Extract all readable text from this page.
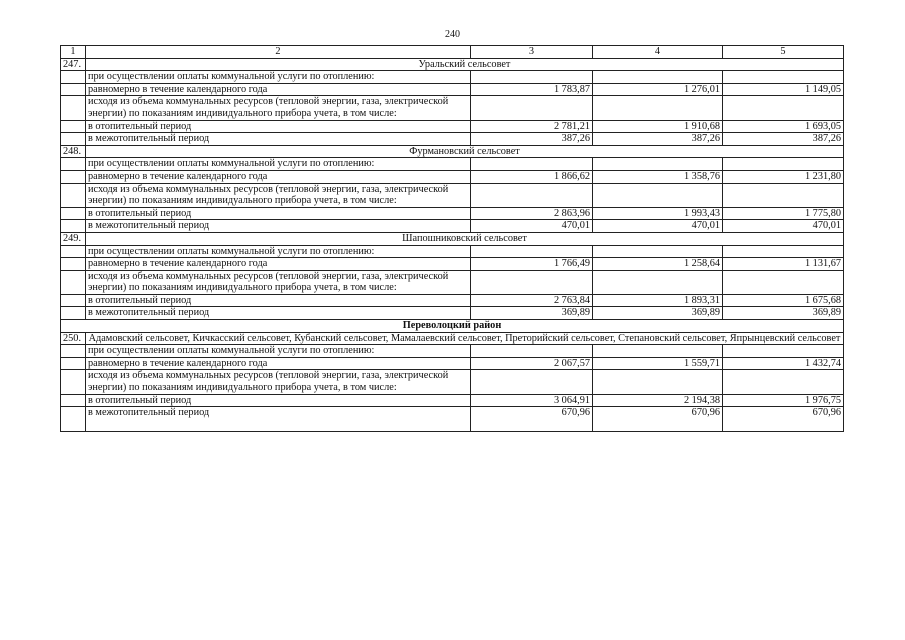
240
1	2	3	4	5
247.	Уральский сельсовет			
	при осуществлении оплаты коммунальной услуги по отоплению:			
	равномерно в течение календарного года	1 783,87	1 276,01	1 149,05
	исходя из объема коммунальных ресурсов (тепловой энергии, газа, электрической энергии) по показаниям индивидуального прибора учета, в том числе:			
	в отопительный период	2 781,21	1 910,68	1 693,05
	в межотопительный период	387,26	387,26	387,26
248.	Фурмановский сельсовет			
	при осуществлении оплаты коммунальной услуги по отоплению:			
	равномерно в течение календарного года	1 866,62	1 358,76	1 231,80
	исходя из объема коммунальных ресурсов (тепловой энергии, газа, электрической энергии) по показаниям индивидуального прибора учета, в том числе:			
	в отопительный период	2 863,96	1 993,43	1 775,80
	в межотопительный период	470,01	470,01	470,01
249.	Шапошниковский сельсовет			
	при осуществлении оплаты коммунальной услуги по отоплению:			
	равномерно в течение календарного года	1 766,49	1 258,64	1 131,67
	исходя из объема коммунальных ресурсов (тепловой энергии, газа, электрической энергии) по показаниям индивидуального прибора учета, в том числе:			
	в отопительный период	2 763,84	1 893,31	1 675,68
	в межотопительный период	369,89	369,89	369,89
Переволоцкий район				
250.	Адамовский сельсовет, Кичкасский сельсовет, Кубанский сельсовет, Мамалаевский сельсовет, Преторийский сельсовет, Степановский сельсовет, Япрынцевский сельсовет			
	при осуществлении оплаты коммунальной услуги по отоплению:			
	равномерно в течение календарного года	2 067,57	1 559,71	1 432,74
	исходя из объема коммунальных ресурсов (тепловой энергии, газа, электрической энергии) по показаниям индивидуального прибора учета, в том числе:			
	в отопительный период	3 064,91	2 194,38	1 976,75
	в межотопительный период	670,96	670,96	670,96
